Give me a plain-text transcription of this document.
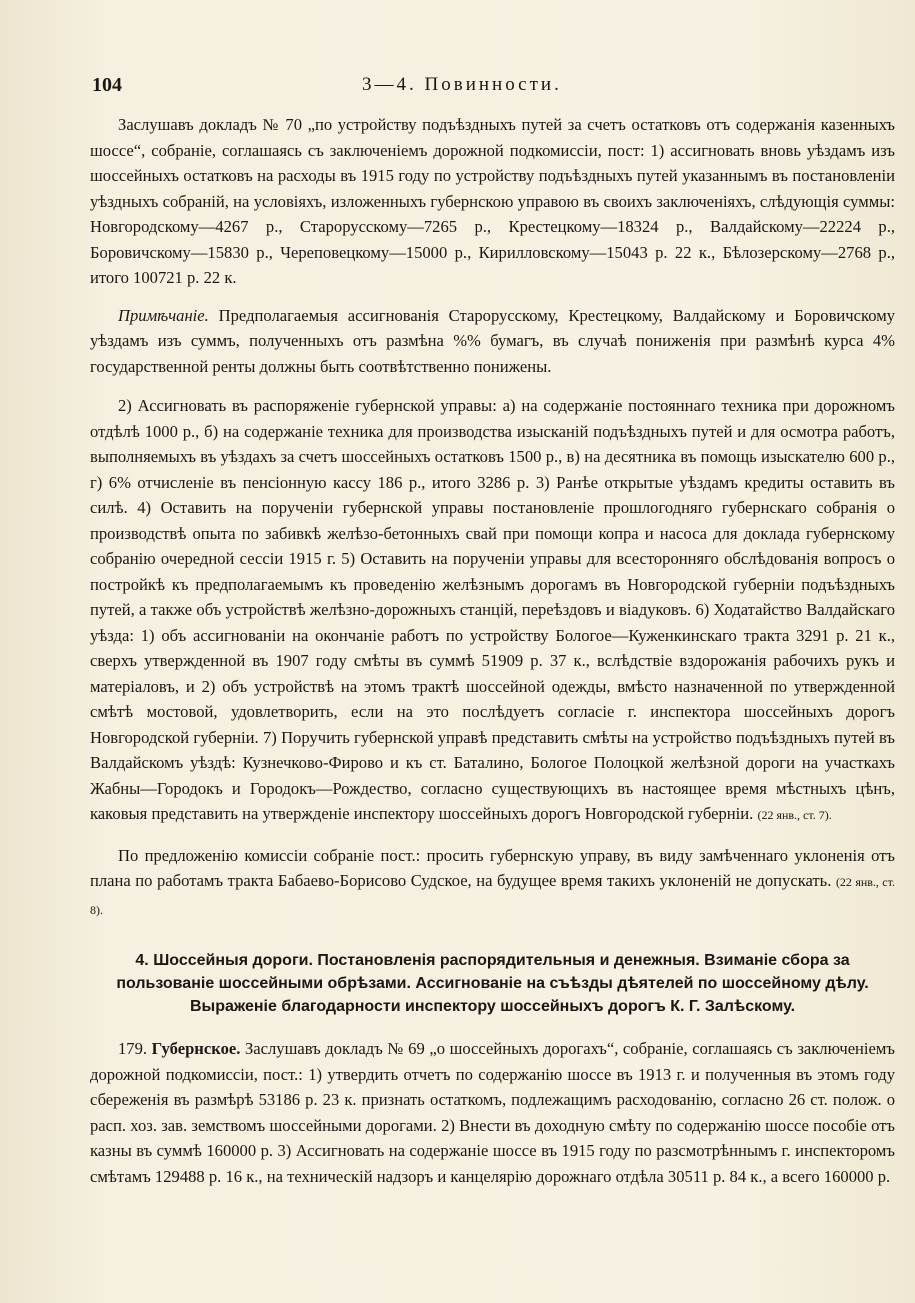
104	3—4. Повинности.

Заслушавъ докладъ № 70 „по устройству подъѣздныхъ путей за счетъ остатковъ отъ содержанія казенныхъ шоссе“, собраніе, соглашаясь съ заключеніемъ дорожной подкомиссіи, пост: 1) ассигновать вновь уѣздамъ изъ шоссейныхъ остатковъ на расходы въ 1915 году по устройству подъѣздныхъ путей указаннымъ въ постановленіи уѣздныхъ собраній, на условіяхъ, изложенныхъ губернскою управою въ своихъ заключеніяхъ, слѣдующія суммы: Новгородскому—4267 р., Старорусскому—7265 р., Крестецкому—18324 р., Валдайскому—22224 р., Боровичскому—15830 р., Череповецкому—15000 р., Кирилловскому—15043 р. 22 к., Бѣлозерскому—2768 р., итого 100721 р. 22 к.

Примѣчаніе. Предполагаемыя ассигнованія Старорусскому, Крестецкому, Валдайскому и Боровичскому уѣздамъ изъ суммъ, полученныхъ отъ размѣна %% бумагъ, въ случаѣ пониженія при размѣнѣ курса 4% государственной ренты должны быть соотвѣтственно понижены.

2) Ассигновать въ распоряженіе губернской управы: а) на содержаніе постояннаго техника при дорожномъ отдѣлѣ 1000 р., б) на содержаніе техника для производства изысканій подъѣздныхъ путей и для осмотра работъ, выполняемыхъ въ уѣздахъ за счетъ шоссейныхъ остатковъ 1500 р., в) на десятника въ помощь изыскателю 600 р., г) 6% отчисленіе въ пенсіонную кассу 186 р., итого 3286 р. 3) Ранѣе открытые уѣздамъ кредиты оставить въ силѣ. 4) Оставить на порученіи губернской управы постановленіе прошлогодняго губернскаго собранія о производствѣ опыта по забивкѣ желѣзо-бетонныхъ свай при помощи копра и насоса для доклада губернскому собранію очередной сессіи 1915 г. 5) Оставить на порученіи управы для всесторонняго обслѣдованія вопросъ о постройкѣ къ предполагаемымъ къ проведенію желѣзнымъ дорогамъ въ Новгородской губерніи подъѣздныхъ путей, а также объ устройствѣ желѣзно-дорожныхъ станцій, переѣздовъ и віадуковъ. 6) Ходатайство Валдайскаго уѣзда: 1) объ ассигнованіи на окончаніе работъ по устройству Бологое—Куженкинскаго тракта 3291 р. 21 к., сверхъ утвержденной въ 1907 году смѣты въ суммѣ 51909 р. 37 к., вслѣдствіе вздорожанія рабочихъ рукъ и матеріаловъ, и 2) объ устройствѣ на этомъ трактѣ шоссейной одежды, вмѣсто назначенной по утвержденной смѣтѣ мостовой, удовлетворить, если на это послѣдуетъ согласіе г. инспектора шоссейныхъ дорогъ Новгородской губерніи. 7) Поручить губернской управѣ представить смѣты на устройство подъѣздныхъ путей въ Валдайскомъ уѣздѣ: Кузнечково-Фирово и къ ст. Баталино, Бологое Полоцкой желѣзной дороги на участкахъ Жабны—Городокъ и Городокъ—Рождество, согласно существующихъ въ настоящее время мѣстныхъ цѣнъ, каковыя представить на утвержденіе инспектору шоссейныхъ дорогъ Новгородской губерніи. (22 янв., ст. 7).

По предложенію комиссіи собраніе пост.: просить губернскую управу, въ виду замѣченнаго уклоненія отъ плана по работамъ тракта Бабаево-Борисово Судское, на будущее время такихъ уклоненій не допускать. (22 янв., ст. 8).

4. Шоссейныя дороги. Постановленія распорядительныя и денежныя. Взиманіе сбора за пользованіе шоссейными обрѣзами. Ассигнованіе на съѣзды дѣятелей по шоссейному дѣлу. Выраженіе благодарности инспектору шоссейныхъ дорогъ К. Г. Залѣскому.

179. Губернское. Заслушавъ докладъ № 69 „о шоссейныхъ дорогахъ“, собраніе, соглашаясь съ заключеніемъ дорожной подкомиссіи, пост.: 1) утвердить отчетъ по содержанію шоссе въ 1913 г. и полученныя въ этомъ году сбереженія въ размѣрѣ 53186 р. 23 к. признать остаткомъ, подлежащимъ расходованію, согласно 26 ст. полож. о расп. хоз. зав. земствомъ шоссейными дорогами. 2) Внести въ доходную смѣту по содержанію шоссе пособіе отъ казны въ суммѣ 160000 р. 3) Ассигновать на содержаніе шоссе въ 1915 году по разсмотрѣннымъ г. инспекторомъ смѣтамъ 129488 р. 16 к., на техническій надзоръ и канцелярію дорожнаго отдѣла 30511 р. 84 к., а всего 160000 р.
